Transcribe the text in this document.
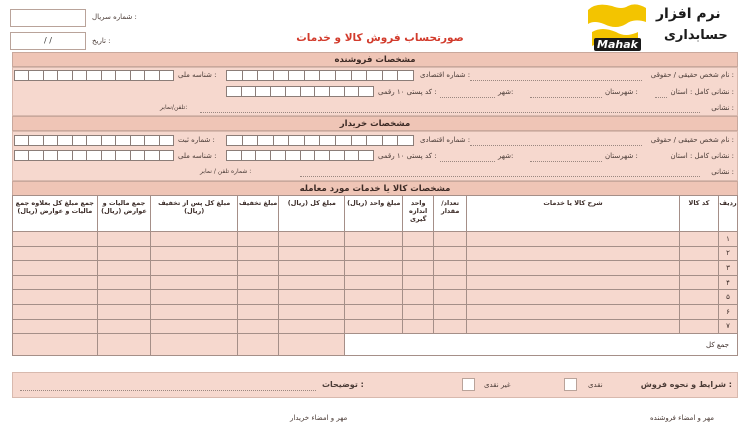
شماره سریال :
/ /	تاریخ :	صورتحساب فروش کالا و خدمات
نرم افزار
حسابداری
Mahak
مشخصات فروشنده
نام شخص حقیقی / حقوقی :
شماره اقتصادی :
شناسه ملی :
نشانی کامل : استان :
شهرستان :
شهر:
کد پستی ۱۰ رقمی :
نشانی :
تلفن/نمابر:
مشخصات خریدار
نام شخص حقیقی / حقوقی :
شماره اقتصادی :
شماره ثبت :
نشانی کامل : استان :
شهرستان :
شهر:
کد پستی ۱۰ رقمی :
شناسه ملی :
نشانی :
شماره تلفن / نمابر :
مشخصات کالا یا خدمات مورد معامله
جمع مبلغ کل بعلاوه جمع مالیات و عوارض (ریال)	جمع مالیات و عوارض (ریال)	مبلغ کل پس از تخفیف (ریال)	مبلغ تخفیف	مبلغ کل (ریال)	مبلغ واحد (ریال)	واحد اندازه گیری	تعداد/ مقدار	شرح کالا یا خدمات	کد کالا	ردیف
										۱
										۲
										۳
										۴
										۵
										۶
										۷
					جمع کل					
شرایط و نحوه فروش :
نقدی
غیر نقدی
توضیحات :
مهر و امضاء فروشنده
مهر و امضاء خریدار
